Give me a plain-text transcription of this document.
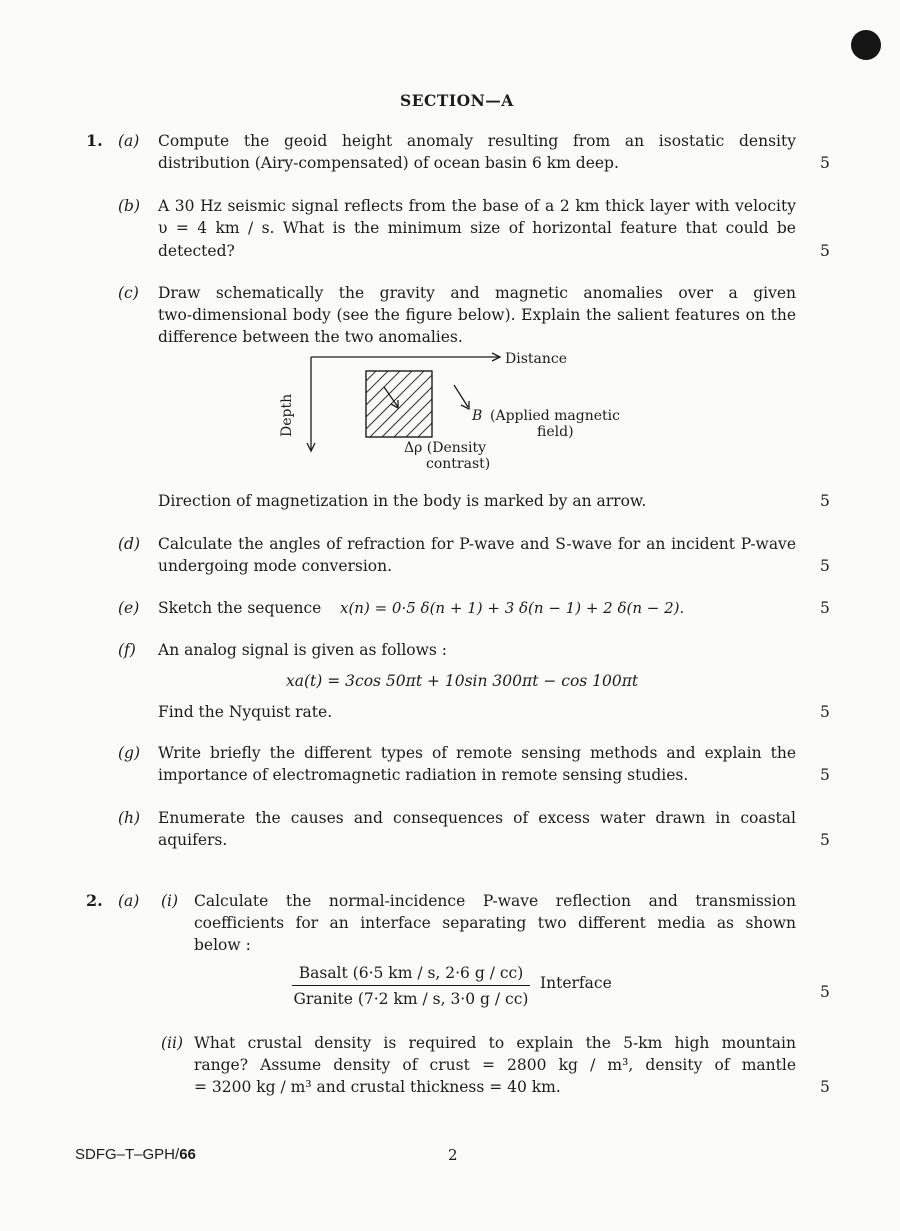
SECTION—A
1. (a) Compute the geoid height anomaly resulting from an isostatic density
distribution (Airy-compensated) of ocean basin 6 km deep.	5
(b) A 30 Hz seismic signal reflects from the base of a 2 km thick layer with velocity
υ = 4 km / s. What is the minimum size of horizontal feature that could be
detected?	5
(c) Draw schematically the gravity and magnetic anomalies over a given
two-dimensional body (see the figure below). Explain the salient features on the
difference between the two anomalies.
Distance
Depth	B (Applied magnetic
field)
Δρ (Density
contrast)
Direction of magnetization in the body is marked by an arrow.	5
(d) Calculate the angles of refraction for P-wave and S-wave for an incident P-wave
undergoing mode conversion.	5
(e) Sketch the sequence x(n) = 0·5 δ(n + 1) + 3 δ(n − 1) + 2 δ(n − 2).	5
(f) An analog signal is given as follows :
xa(t) = 3cos 50πt + 10sin 300πt − cos 100πt
Find the Nyquist rate.	5
(g) Write briefly the different types of remote sensing methods and explain the
importance of electromagnetic radiation in remote sensing studies.	5
(h) Enumerate the causes and consequences of excess water drawn in coastal
aquifers.	5
2. (a) (i) Calculate the normal-incidence P-wave reflection and transmission
coefficients for an interface separating two different media as shown
below :
Basalt (6·5 km / s, 2·6 g / cc)
Granite (7·2 km / s, 3·0 g / cc)
Interface	5
(ii) What crustal density is required to explain the 5-km high mountain
range? Assume density of crust = 2800 kg / m³, density of mantle
= 3200 kg / m³ and crustal thickness = 40 km.	5
SDFG–T–GPH/66	2
